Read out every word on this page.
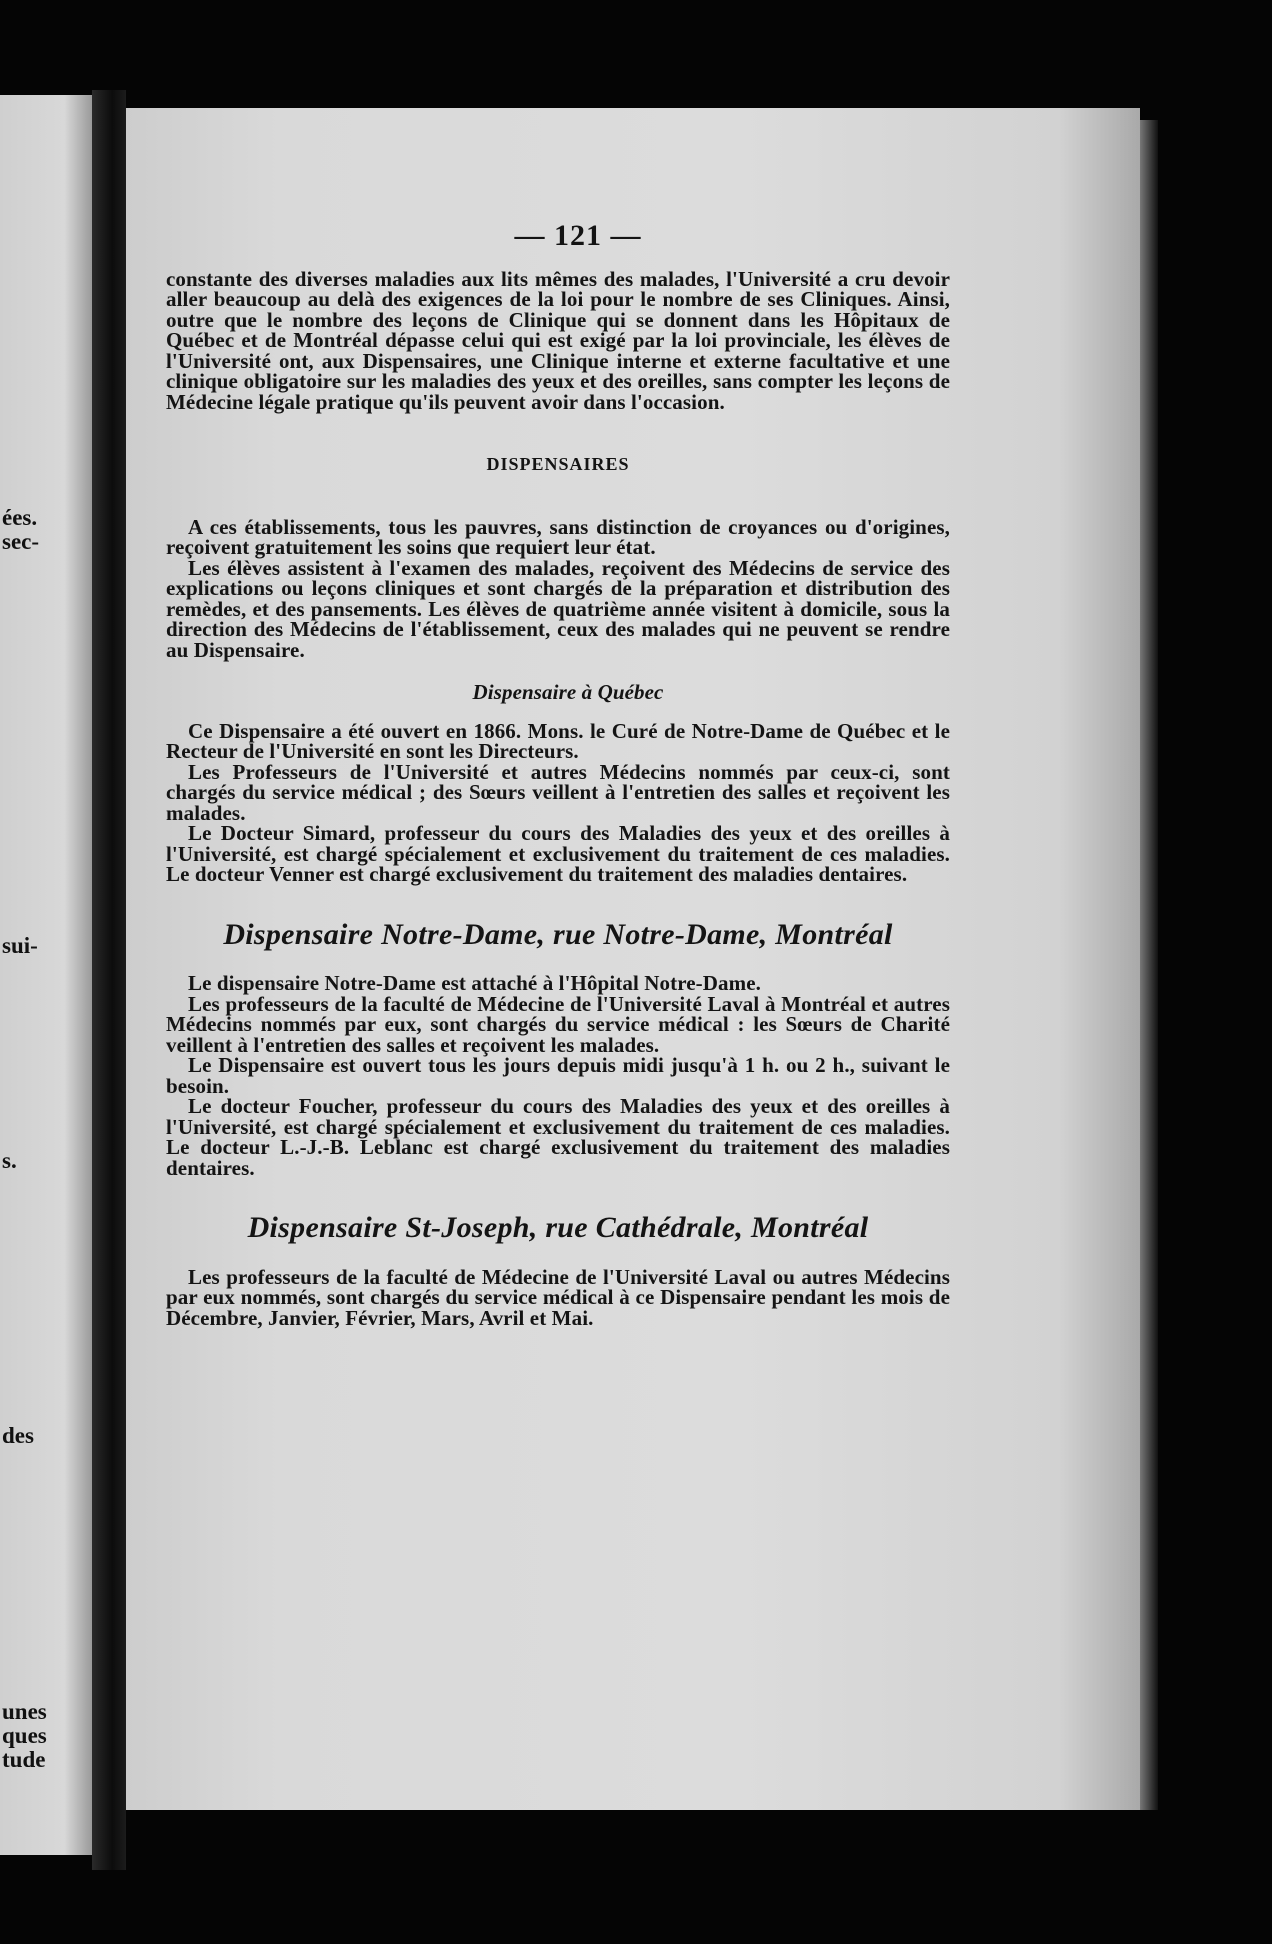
ées.
sec-
sui-
s.
des
unes
ques
tude
— 121 —

constante des diverses maladies aux lits mêmes des malades, l'Université a cru devoir aller beaucoup au delà des exigences de la loi pour le nombre de ses Cliniques. Ainsi, outre que le nombre des leçons de Clinique qui se donnent dans les Hôpitaux de Québec et de Montréal dépasse celui qui est exigé par la loi provinciale, les élèves de l'Université ont, aux Dispensaires, une Clinique interne et externe facultative et une clinique obligatoire sur les maladies des yeux et des oreilles, sans compter les leçons de Médecine légale pratique qu'ils peuvent avoir dans l'occasion.

DISPENSAIRES

A ces établissements, tous les pauvres, sans distinction de croyances ou d'origines, reçoivent gratuitement les soins que requiert leur état.

Les élèves assistent à l'examen des malades, reçoivent des Médecins de service des explications ou leçons cliniques et sont chargés de la préparation et distribution des remèdes, et des pansements. Les élèves de quatrième année visitent à domicile, sous la direction des Médecins de l'établissement, ceux des malades qui ne peuvent se rendre au Dispensaire.

Dispensaire à Québec

Ce Dispensaire a été ouvert en 1866. Mons. le Curé de Notre-Dame de Québec et le Recteur de l'Université en sont les Directeurs.

Les Professeurs de l'Université et autres Médecins nommés par ceux-ci, sont chargés du service médical ; des Sœurs veillent à l'entretien des salles et reçoivent les malades.

Le Docteur Simard, professeur du cours des Maladies des yeux et des oreilles à l'Université, est chargé spécialement et exclusivement du traitement de ces maladies. Le docteur Venner est chargé exclusivement du traitement des maladies dentaires.

Dispensaire Notre-Dame, rue Notre-Dame, Montréal

Le dispensaire Notre-Dame est attaché à l'Hôpital Notre-Dame.

Les professeurs de la faculté de Médecine de l'Université Laval à Montréal et autres Médecins nommés par eux, sont chargés du service médical : les Sœurs de Charité veillent à l'entretien des salles et reçoivent les malades.

Le Dispensaire est ouvert tous les jours depuis midi jusqu'à 1 h. ou 2 h., suivant le besoin.

Le docteur Foucher, professeur du cours des Maladies des yeux et des oreilles à l'Université, est chargé spécialement et exclusivement du traitement de ces maladies. Le docteur L.-J.-B. Leblanc est chargé exclusivement du traitement des maladies dentaires.

Dispensaire St-Joseph, rue Cathédrale, Montréal

Les professeurs de la faculté de Médecine de l'Université Laval ou autres Médecins par eux nommés, sont chargés du service médical à ce Dispensaire pendant les mois de Décembre, Janvier, Février, Mars, Avril et Mai.
